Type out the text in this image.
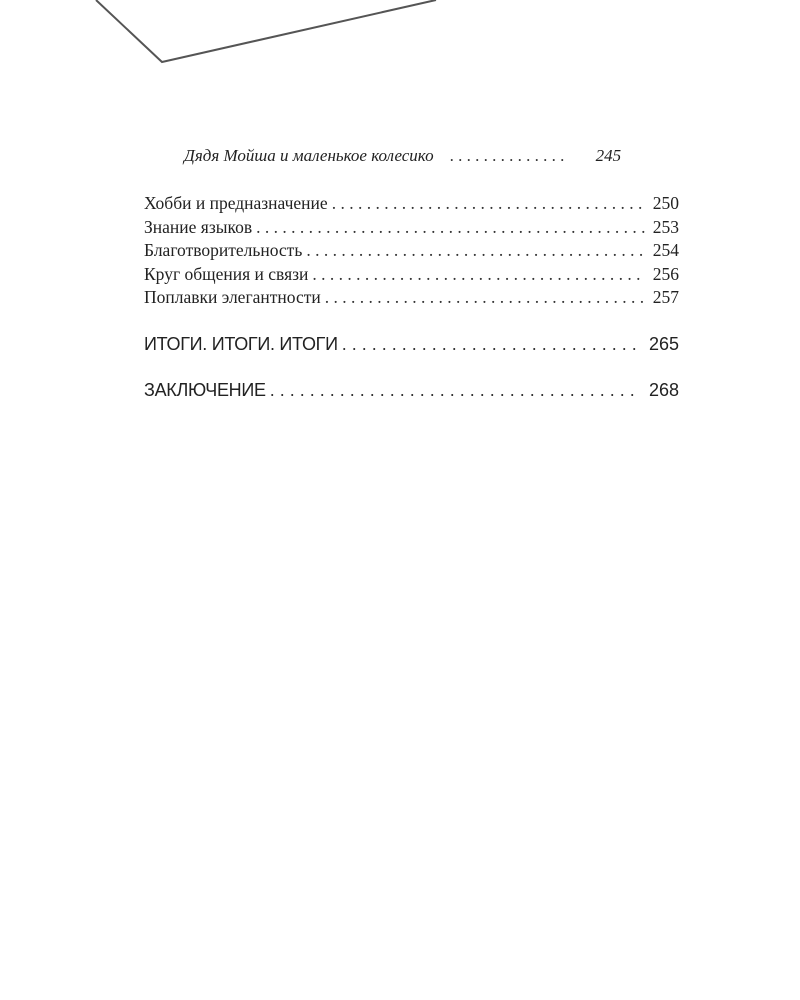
Дядя Мойша и маленькое колесико . . .	245
Хобби и предназначение . . .	250
Знание языков . . .	253
Благотворительность . . .	254
Круг общения и связи . . .	256
Поплавки элегантности . . .	257
ИТОГИ. ИТОГИ. ИТОГИ . . .	265
ЗАКЛЮЧЕНИЕ . . .	268
